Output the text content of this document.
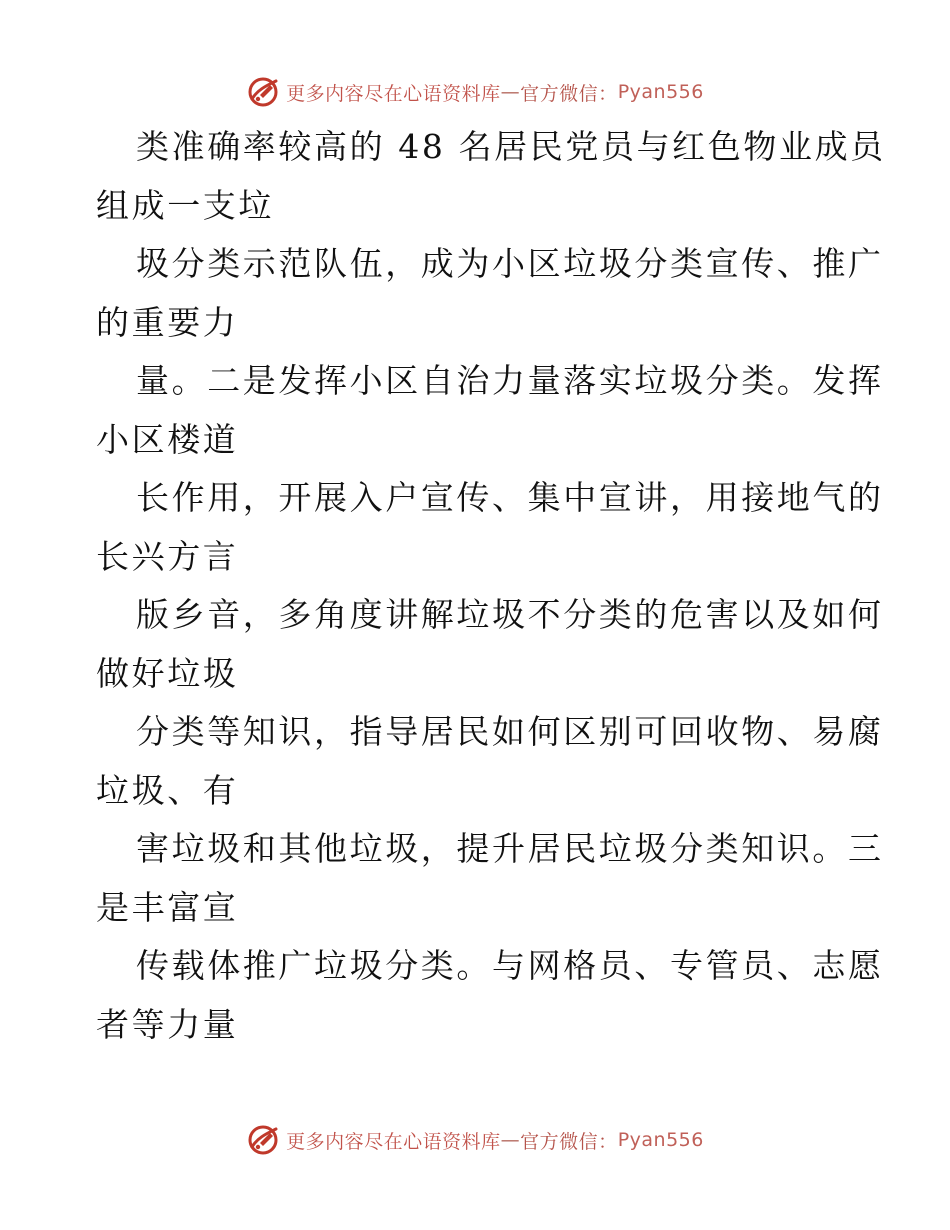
更多内容尽在心语资料库 — 官方微信： Pyan556

类准确率较高的 48 名居民党员与红色物业成员
组成一支垃

圾分类示范队伍，成为小区垃圾分类宣传、推广
的重要力

量。二是发挥小区自治力量落实垃圾分类。发挥
小区楼道

长作用，开展入户宣传、集中宣讲，用接地气的
长兴方言

版乡音，多角度讲解垃圾不分类的危害以及如何
做好垃圾

分类等知识，指导居民如何区别可回收物、易腐
垃圾、有

害垃圾和其他垃圾，提升居民垃圾分类知识。三
是丰富宣

传载体推广垃圾分类。与网格员、专管员、志愿
者等力量

更多内容尽在心语资料库 — 官方微信： Pyan556
